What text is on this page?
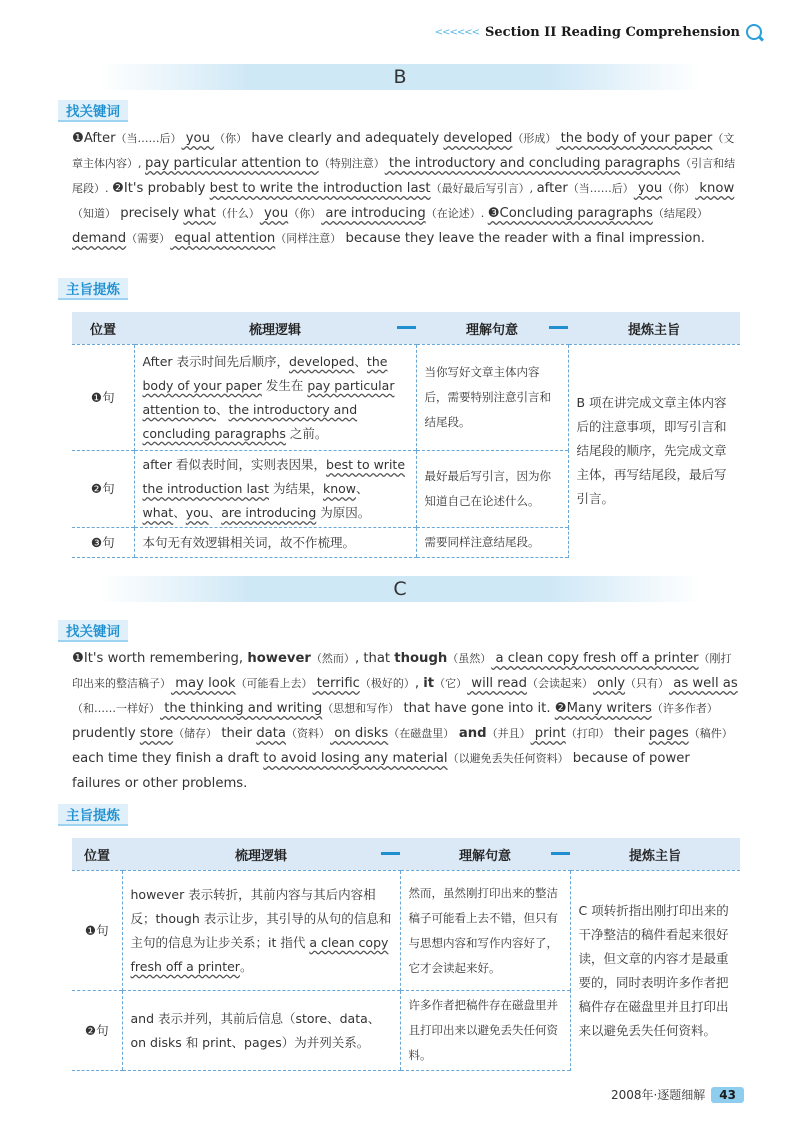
<<<<<< Section II Reading Comprehension
B
找关键词
❶After（当……后） you （你） have clearly and adequately developed（形成） the body of your paper（文章主体内容）, pay particular attention to（特别注意） the introductory and concluding paragraphs（引言和结尾段）. ❷It's probably best to write the introduction last（最好最后写引言）, after（当……后） you（你） know（知道） precisely what（什么） you（你） are introducing（在论述）. ❸Concluding paragraphs（结尾段） demand（需要） equal attention（同样注意） because they leave the reader with a final impression.
主旨提炼
位置	梳理逻辑	理解句意	提炼主旨
❶句	After 表示时间先后顺序，developed、the body of your paper 发生在 pay particular attention to、the introductory and concluding paragraphs 之前。	当你写好文章主体内容后，需要特别注意引言和结尾段。	B 项在讲完成文章主体内容后的注意事项，即写引言和结尾段的顺序，先完成文章主体，再写结尾段，最后写引言。
❷句	after 看似表时间，实则表因果，best to write the introduction last 为结果，know、what、you、are introducing 为原因。	最好最后写引言，因为你知道自己在论述什么。	
❸句	本句无有效逻辑相关词，故不作梳理。	需要同样注意结尾段。	
C
找关键词
❶It's worth remembering, however（然而）, that though（虽然） a clean copy fresh off a printer（刚打印出来的整洁稿子） may look（可能看上去） terrific（极好的）, it（它） will read（会读起来） only（只有） as well as（和……一样好） the thinking and writing（思想和写作） that have gone into it. ❷Many writers（许多作者） prudently store（储存） their data（资料） on disks（在磁盘里） and（并且） print（打印） their pages（稿件） each time they finish a draft to avoid losing any material（以避免丢失任何资料） because of power failures or other problems.
主旨提炼
位置	梳理逻辑	理解句意	提炼主旨
❶句	however 表示转折，其前内容与其后内容相反；though 表示让步，其引导的从句的信息和主句的信息为让步关系；it 指代 a clean copy fresh off a printer。	然而，虽然刚打印出来的整洁稿子可能看上去不错，但只有与思想内容和写作内容好了，它才会读起来好。	C 项转折指出刚打印出来的干净整洁的稿件看起来很好读，但文章的内容才是最重要的，同时表明许多作者把稿件存在磁盘里并且打印出来以避免丢失任何资料。
❷句	and 表示并列，其前后信息（store、data、on disks 和 print、pages）为并列关系。	许多作者把稿件存在磁盘里并且打印出来以避免丢失任何资料。	
2008年·逐题细解	43
